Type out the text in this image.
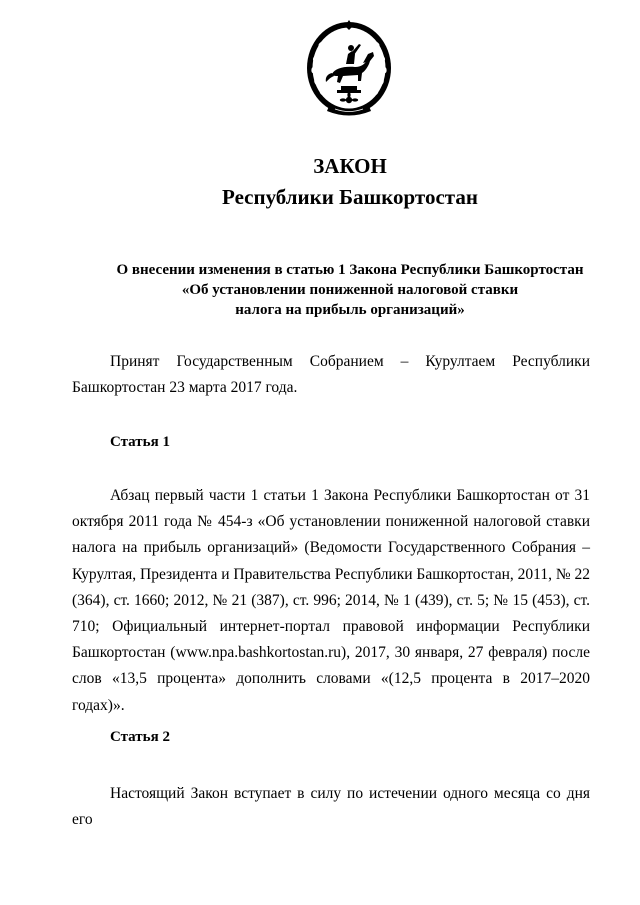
ЗАКОН
Республики Башкортостан
О внесении изменения в статью 1 Закона Республики Башкортостан
«Об установлении пониженной налоговой ставки
налога на прибыль организаций»
Принят Государственным Собранием – Курултаем Республики Башкортостан 23 марта 2017 года.
Статья 1
Абзац первый части 1 статьи 1 Закона Республики Башкортостан от 31 октября 2011 года № 454-з «Об установлении пониженной налоговой ставки налога на прибыль организаций» (Ведомости Государственного Собрания – Курултая, Президента и Правительства Республики Башкортостан, 2011, № 22 (364), ст. 1660; 2012, № 21 (387), ст. 996; 2014, № 1 (439), ст. 5; № 15 (453), ст. 710; Официальный интернет-портал правовой информации Республики Башкортостан (www.npa.bashkortostan.ru), 2017, 30 января, 27 февраля) после слов «13,5 процента» дополнить словами «(12,5 процента в 2017–2020 годах)».
Статья 2
Настоящий Закон вступает в силу по истечении одного месяца со дня его
